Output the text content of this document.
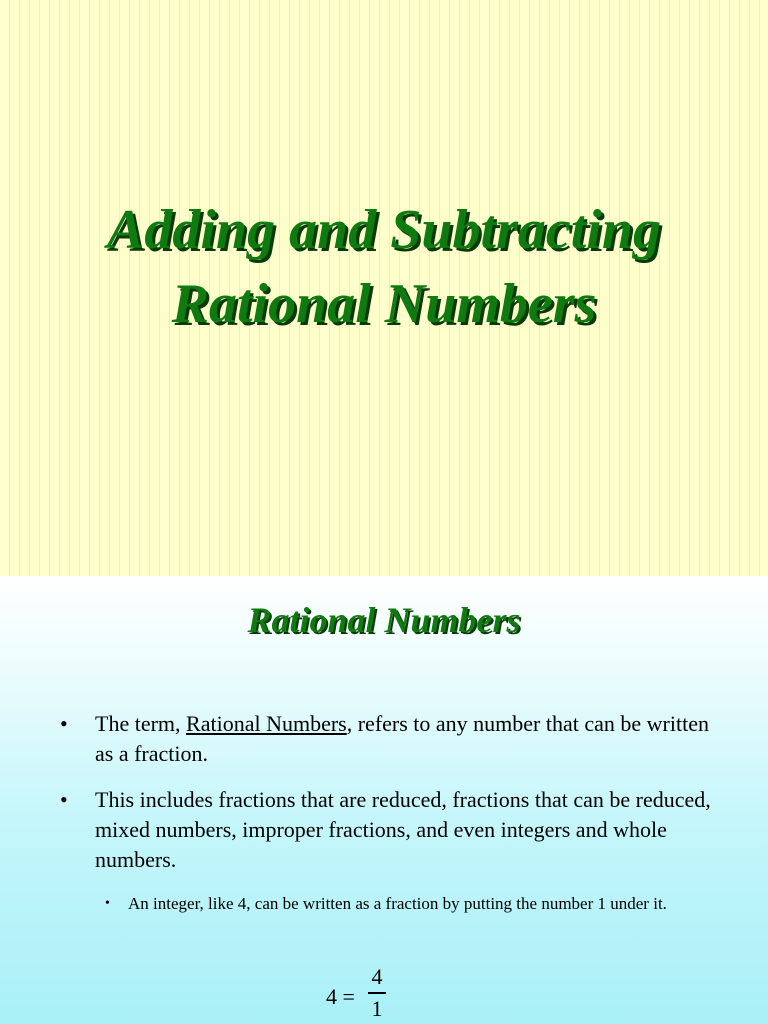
Adding and Subtracting
Rational Numbers
Rational Numbers
• The term, Rational Numbers, refers to any number that can be written as a fraction.
• This includes fractions that are reduced, fractions that can be reduced, mixed numbers, improper fractions, and even integers and whole numbers.
• An integer, like 4, can be written as a fraction by putting the number 1 under it.
4 =
4
1
